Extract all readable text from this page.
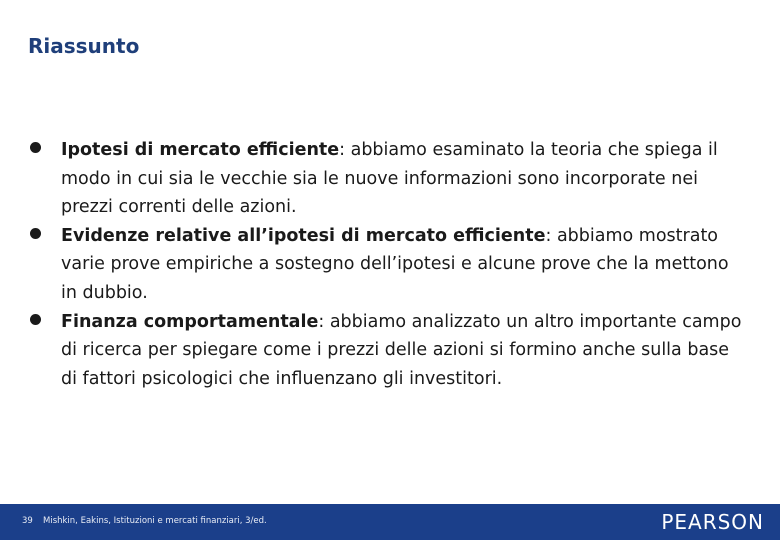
Riassunto
Ipotesi di mercato efficiente: abbiamo esaminato la teoria che spiega il modo in cui sia le vecchie sia le nuove informazioni sono incorporate nei prezzi correnti delle azioni.
Evidenze relative all’ipotesi di mercato efficiente: abbiamo mostrato varie prove empiriche a sostegno dell’ipotesi e alcune prove che la mettono in dubbio.
Finanza comportamentale: abbiamo analizzato un altro importante campo di ricerca per spiegare come i prezzi delle azioni si formino anche sulla base di fattori psicologici che influenzano gli investitori.
39 Mishkin, Eakins, Istituzioni e mercati finanziari, 3/ed.	PEARSON
